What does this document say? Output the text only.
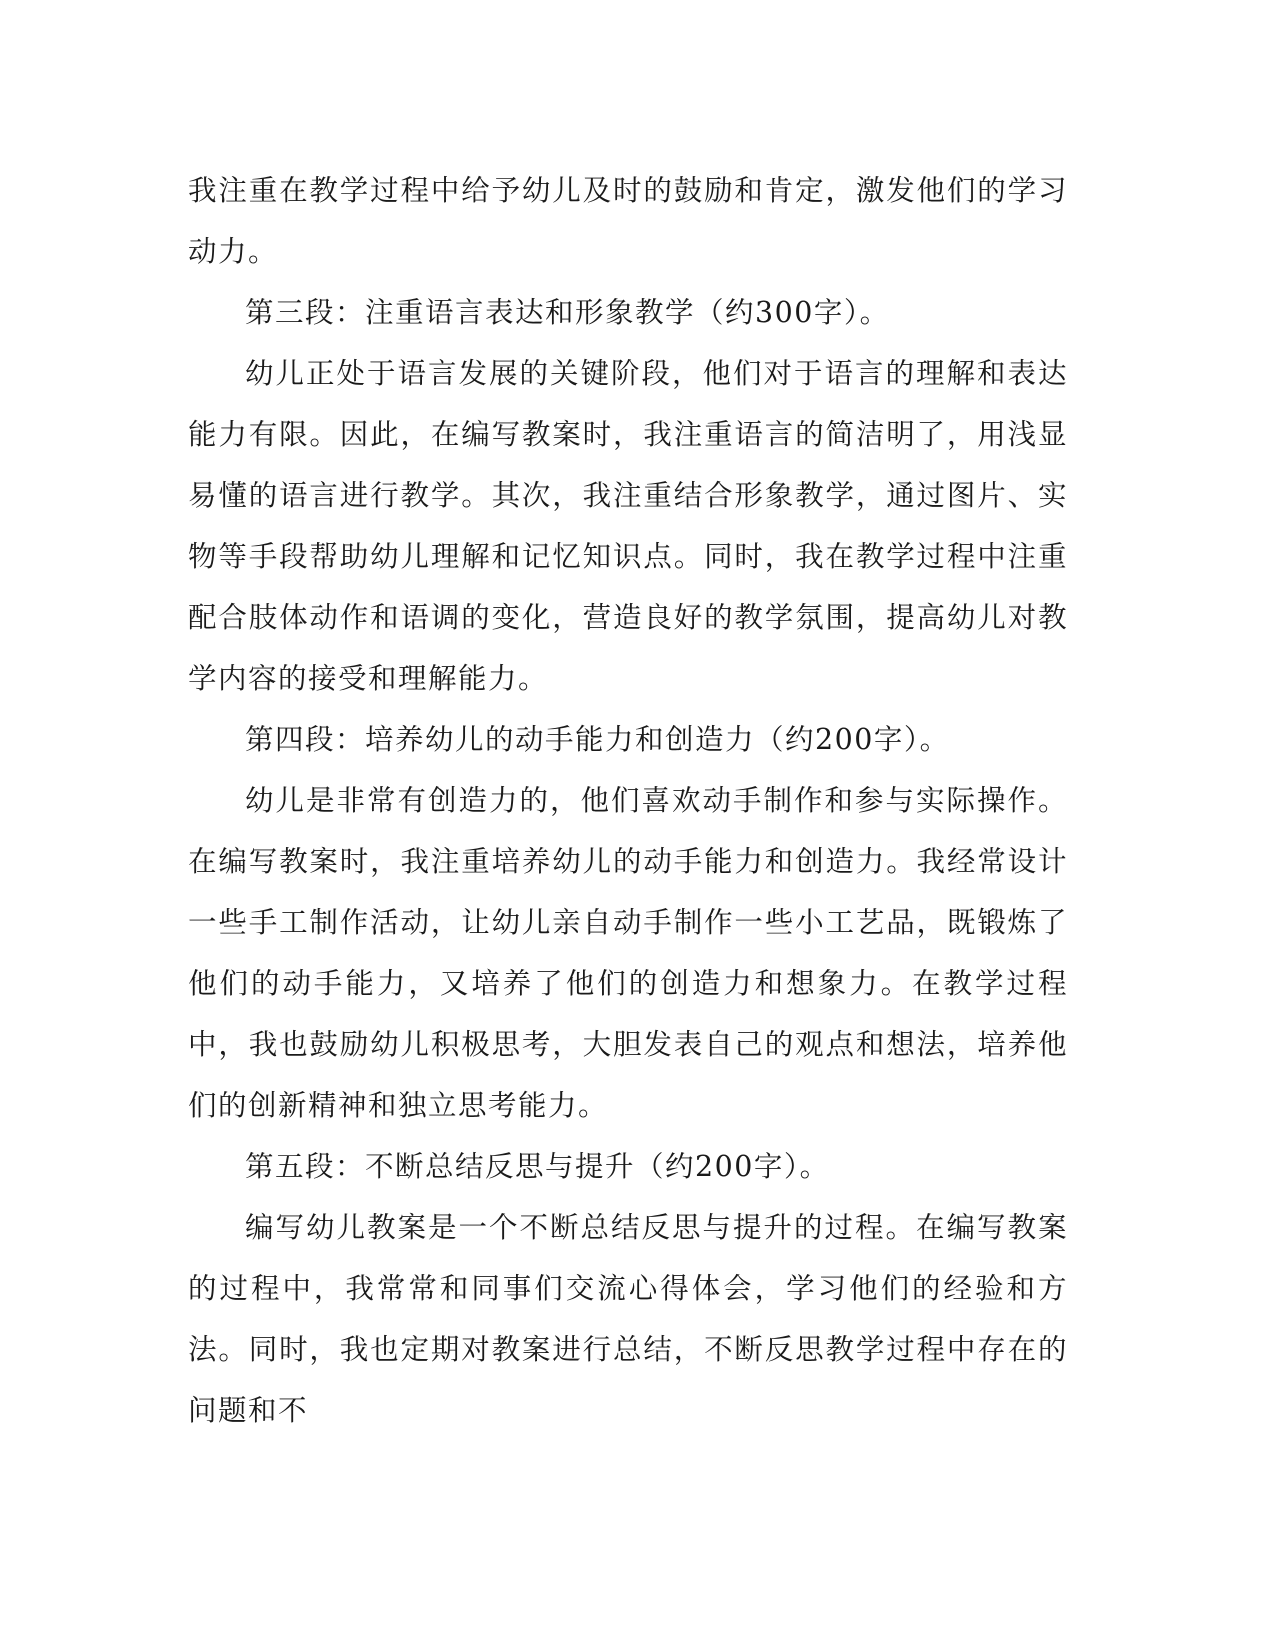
我注重在教学过程中给予幼儿及时的鼓励和肯定，激发他们的学习动力。

第三段：注重语言表达和形象教学（约300字）。

幼儿正处于语言发展的关键阶段，他们对于语言的理解和表达能力有限。因此，在编写教案时，我注重语言的简洁明了，用浅显易懂的语言进行教学。其次，我注重结合形象教学，通过图片、实物等手段帮助幼儿理解和记忆知识点。同时，我在教学过程中注重配合肢体动作和语调的变化，营造良好的教学氛围，提高幼儿对教学内容的接受和理解能力。

第四段：培养幼儿的动手能力和创造力（约200字）。

幼儿是非常有创造力的，他们喜欢动手制作和参与实际操作。在编写教案时，我注重培养幼儿的动手能力和创造力。我经常设计一些手工制作活动，让幼儿亲自动手制作一些小工艺品，既锻炼了他们的动手能力，又培养了他们的创造力和想象力。在教学过程中，我也鼓励幼儿积极思考，大胆发表自己的观点和想法，培养他们的创新精神和独立思考能力。

第五段：不断总结反思与提升（约200字）。

编写幼儿教案是一个不断总结反思与提升的过程。在编写教案的过程中，我常常和同事们交流心得体会，学习他们的经验和方法。同时，我也定期对教案进行总结，不断反思教学过程中存在的问题和不
